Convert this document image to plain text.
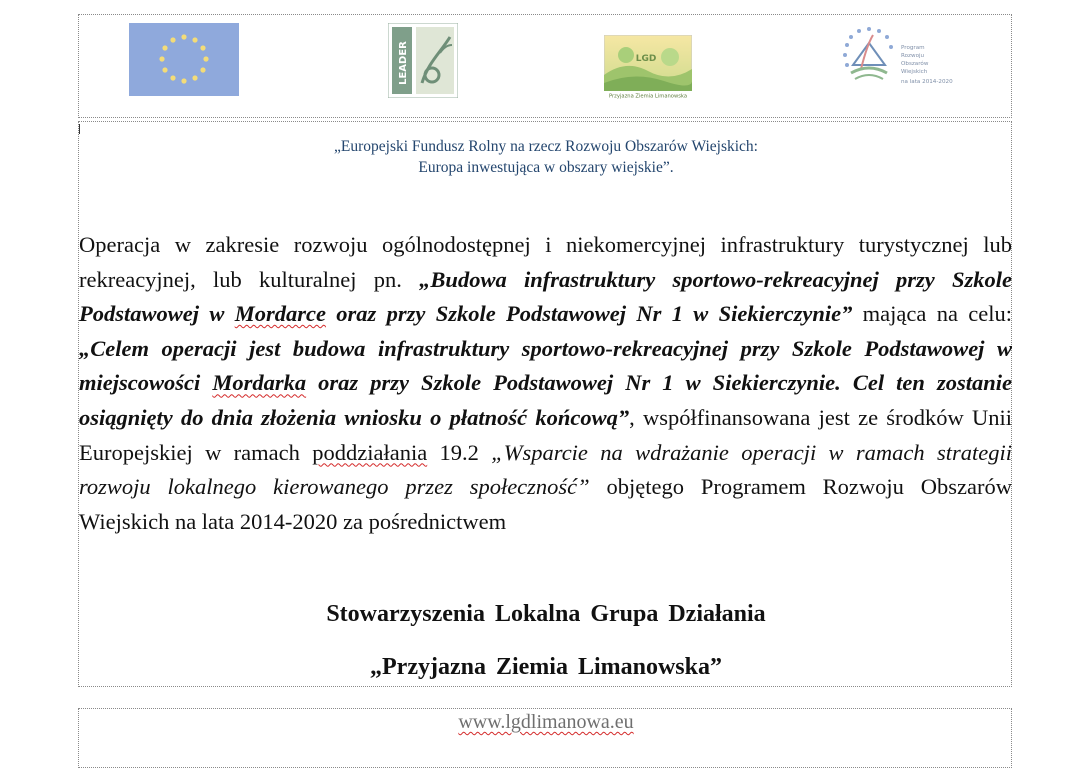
LEADER	LGD
Przyjazna Ziemia Limanowska
Program
Rozwoju
Obszarów
Wiejskich
na lata 2014-2020
„Europejski Fundusz Rolny na rzecz Rozwoju Obszarów Wiejskich:
Europa inwestująca w obszary wiejskie”.
Operacja w zakresie rozwoju ogólnodostępnej i niekomercyjnej infrastruktury turystycznej lub rekreacyjnej, lub kulturalnej pn. „Budowa infrastruktury sportowo-rekreacyjnej przy Szkole Podstawowej w Mordarce oraz przy Szkole Podstawowej Nr 1 w Siekierczynie” mająca na celu: „Celem operacji jest budowa infrastruktury sportowo-rekreacyjnej przy Szkole Podstawowej w miejscowości Mordarka oraz przy Szkole Podstawowej Nr 1 w Siekierczynie. Cel ten zostanie osiągnięty do dnia złożenia wniosku o płatność końcową”, współfinansowana jest ze środków Unii Europejskiej w ramach poddziałania 19.2 „Wsparcie na wdrażanie operacji w ramach strategii rozwoju lokalnego kierowanego przez społeczność” objętego Programem Rozwoju Obszarów Wiejskich na lata 2014-2020 za pośrednictwem
Stowarzyszenia Lokalna Grupa Działania
„Przyjazna Ziemia Limanowska”
www.lgdlimanowa.eu
